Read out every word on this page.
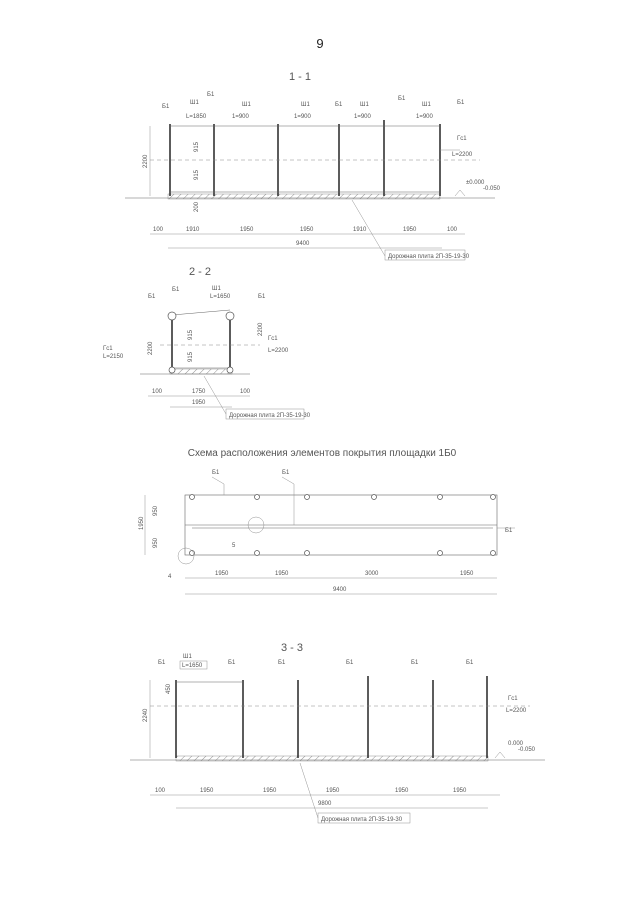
9
1 - 1
Б1
Ш1
L=1850
Б1
Ш1
1=900
Ш1
1=900
Б1	Ш1
1=900
Б1
Ш1
1=900
Б1
Гс1
L=2200
±0.000
-0.050
2200
915
915
200
100	1910	1950	1950	1910	1950	100
9400
Дорожная плита 2П-35-19-30
2 - 2
Б1
Б1	Ш1
L=1650	Б1
Гс1
L=2200
Гс1
L=2150
2200
915
915
2200
100	1750	100
1950
Дорожная плита 2П-35-19-30
Схема расположения элементов покрытия площадки 1Б0
5
4
Б1	Б1
Б1
1950
950
950
1950	1950	3000	1950
9400
3 - 3
Б1
Ш1
L=1650	Б1	Б1	Б1	Б1	Б1
Гс1
L=2200
2240
450
0.000
-0.050
100	1950	1950	1950	1950	1950
9800
Дорожная плита 2П-35-19-30
